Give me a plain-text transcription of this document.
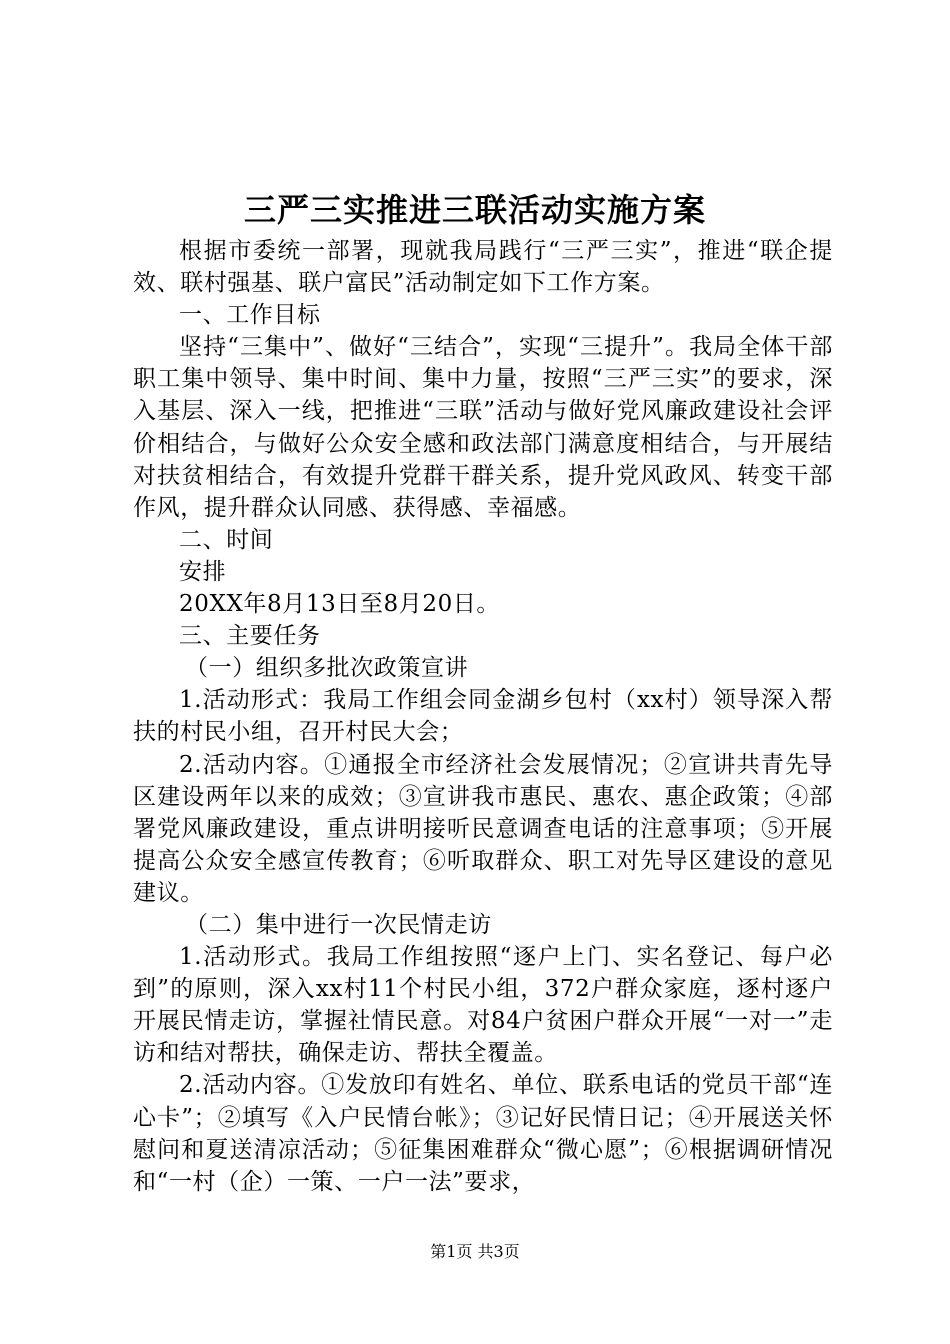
三严三实推进三联活动实施方案

根据市委统一部署，现就我局践行“三严三实”，推进“联企提效、联村强基、联户富民”活动制定如下工作方案。

一、工作目标

坚持“三集中”、做好“三结合”，实现“三提升”。我局全体干部职工集中领导、集中时间、集中力量，按照“三严三实”的要求，深入基层、深入一线，把推进“三联”活动与做好党风廉政建设社会评价相结合，与做好公众安全感和政法部门满意度相结合，与开展结对扶贫相结合，有效提升党群干群关系，提升党风政风、转变干部作风，提升群众认同感、获得感、幸福感。

二、时间

安排

20XX年8月13日至8月20日。

三、主要任务

（一）组织多批次政策宣讲

1.活动形式：我局工作组会同金湖乡包村（xx村）领导深入帮扶的村民小组，召开村民大会；

2.活动内容。①通报全市经济社会发展情况；②宣讲共青先导区建设两年以来的成效；③宣讲我市惠民、惠农、惠企政策；④部署党风廉政建设，重点讲明接听民意调查电话的注意事项；⑤开展提高公众安全感宣传教育；⑥听取群众、职工对先导区建设的意见建议。

（二）集中进行一次民情走访

1.活动形式。我局工作组按照“逐户上门、实名登记、每户必到”的原则，深入xx村11个村民小组，372户群众家庭，逐村逐户开展民情走访，掌握社情民意。对84户贫困户群众开展“一对一”走访和结对帮扶，确保走访、帮扶全覆盖。

2.活动内容。①发放印有姓名、单位、联系电话的党员干部“连心卡”；②填写《入户民情台帐》；③记好民情日记；④开展送关怀慰问和夏送清凉活动；⑤征集困难群众“微心愿”；⑥根据调研情况和“一村（企）一策、一户一法”要求，

第1页 共3页
